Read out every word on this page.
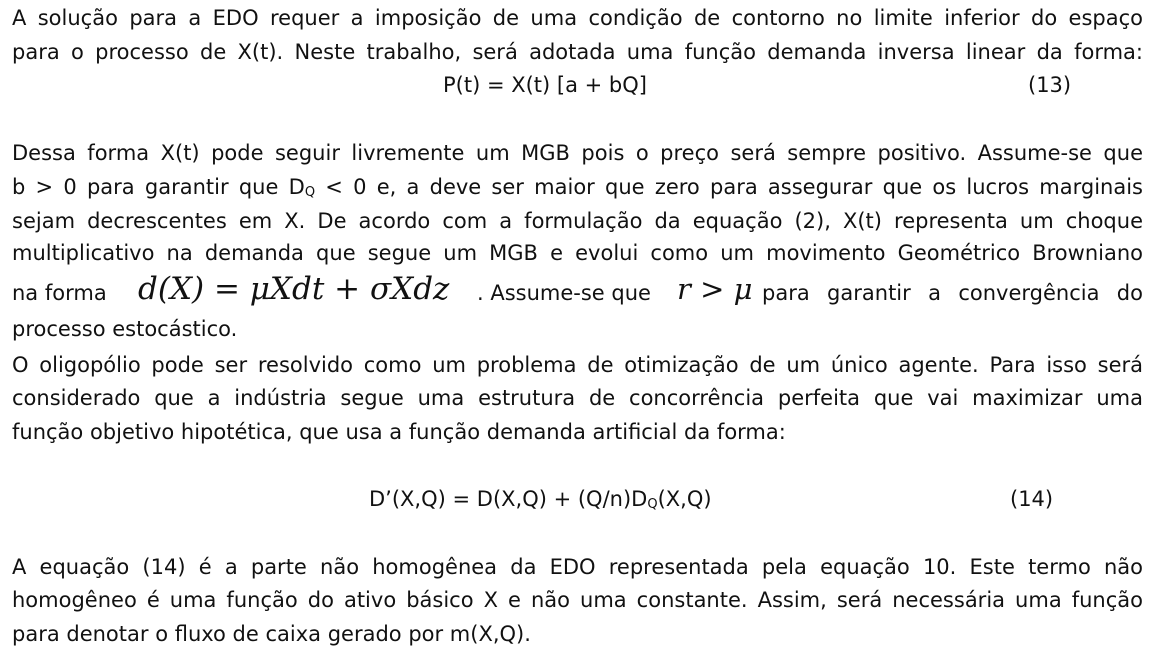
A solução para a EDO requer a imposição de uma condição de contorno no limite inferior do espaço
para o processo de X(t). Neste trabalho, será adotada uma função demanda inversa linear da forma:
P(t) = X(t) [a + bQ]	(13)
Dessa forma X(t) pode seguir livremente um MGB pois o preço será sempre positivo. Assume-se que
b > 0 para garantir que DQ < 0 e, a deve ser maior que zero para assegurar que os lucros marginais
sejam decrescentes em X. De acordo com a formulação da equação (2), X(t) representa um choque
multiplicativo na demanda que segue um MGB e evolui como um movimento Geométrico Browniano
na forma d(X) = μXdt + σXdz . Assume-se que r > μ para garantir a convergência do
processo estocástico.
O oligopólio pode ser resolvido como um problema de otimização de um único agente. Para isso será
considerado que a indústria segue uma estrutura de concorrência perfeita que vai maximizar uma
função objetivo hipotética, que usa a função demanda artificial da forma:
D’(X,Q) = D(X,Q) + (Q/n)DQ(X,Q)	(14)
A equação (14) é a parte não homogênea da EDO representada pela equação 10. Este termo não
homogêneo é uma função do ativo básico X e não uma constante. Assim, será necessária uma função
para denotar o fluxo de caixa gerado por m(X,Q).
